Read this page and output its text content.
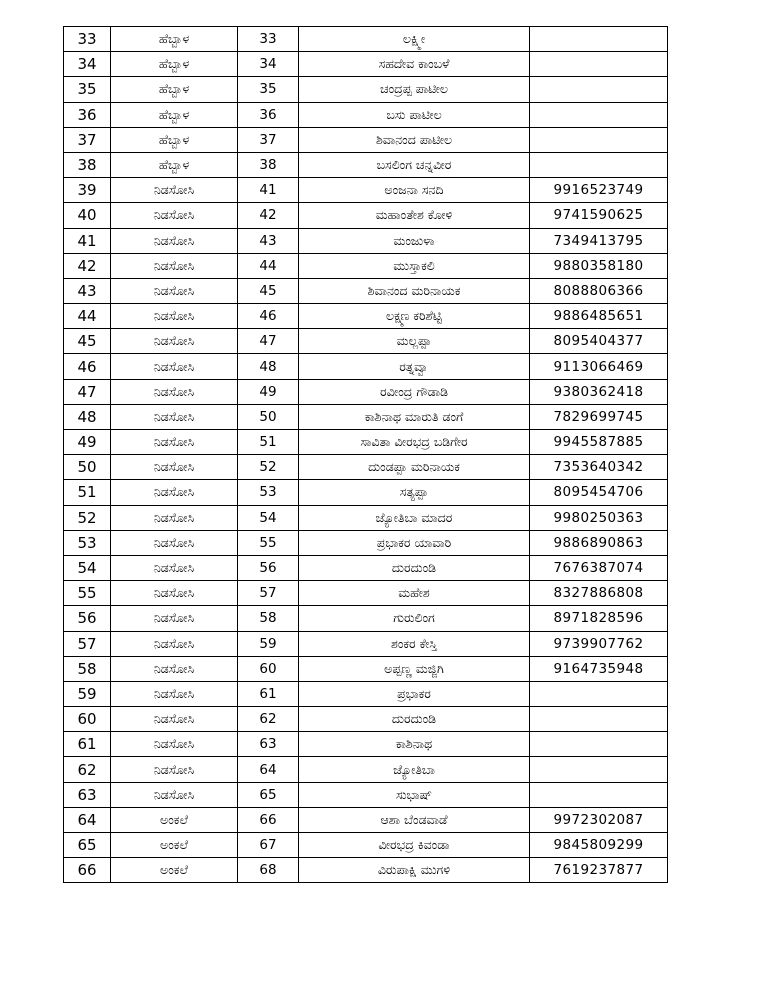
33	ಹೆಬ್ಬಾಳ	33	ಲಕ್ಷ್ಮೀ	
34	ಹೆಬ್ಬಾಳ	34	ಸಹದೇವ ಕಾಂಬಳೆ	
35	ಹೆಬ್ಬಾಳ	35	ಚಂದ್ರಪ್ಪ ಪಾಟೀಲ	
36	ಹೆಬ್ಬಾಳ	36	ಬಸು ಪಾಟೀಲ	
37	ಹೆಬ್ಬಾಳ	37	ಶಿವಾನಂದ ಪಾಟೀಲ	
38	ಹೆಬ್ಬಾಳ	38	ಬಸಲಿಂಗ ಚನ್ನವೀರ	
39	ನಿಡಸೋಸಿ	41	ಅಂಜನಾ ಸನದಿ	9916523749
40	ನಿಡಸೋಸಿ	42	ಮಹಾಂತೇಶ ಕೋಳಿ	9741590625
41	ನಿಡಸೋಸಿ	43	ಮಂಜುಳಾ	7349413795
42	ನಿಡಸೋಸಿ	44	ಮುಸ್ತಾಕಲಿ	9880358180
43	ನಿಡಸೋಸಿ	45	ಶಿವಾನಂದ ಮರಿನಾಯಕ	8088806366
44	ನಿಡಸೋಸಿ	46	ಲಕ್ಷ್ಮಣ ಕರಿಶೆಟ್ಟಿ	9886485651
45	ನಿಡಸೋಸಿ	47	ಮಲ್ಲಪ್ಪಾ	8095404377
46	ನಿಡಸೋಸಿ	48	ರತ್ನವ್ವಾ	9113066469
47	ನಿಡಸೋಸಿ	49	ರವೀಂದ್ರ ಗೌಡಾಡಿ	9380362418
48	ನಿಡಸೋಸಿ	50	ಕಾಶಿನಾಥ ಮಾರುತಿ ಡಂಗೆ	7829699745
49	ನಿಡಸೋಸಿ	51	ಸಾವಿತಾ ವೀರಭದ್ರ ಬಡಿಗೇರ	9945587885
50	ನಿಡಸೋಸಿ	52	ದುಂಡಪ್ಪಾ ಮರಿನಾಯಕ	7353640342
51	ನಿಡಸೋಸಿ	53	ಸತ್ಯಪ್ಪಾ	8095454706
52	ನಿಡಸೋಸಿ	54	ಜ್ಯೋತಿಬಾ ಮಾದರ	9980250363
53	ನಿಡಸೋಸಿ	55	ಪ್ರಭಾಕರ ಯಾವಾರಿ	9886890863
54	ನಿಡಸೋಸಿ	56	ದುರದುಂಡಿ	7676387074
55	ನಿಡಸೋಸಿ	57	ಮಹೇಶ	8327886808
56	ನಿಡಸೋಸಿ	58	ಗುರುಲಿಂಗ	8971828596
57	ನಿಡಸೋಸಿ	59	ಶಂಕರ ಕೇಸ್ತಿ	9739907762
58	ನಿಡಸೋಸಿ	60	ಅಪ್ಪಣ್ಣ ಮಜ್ಜಿಗಿ	9164735948
59	ನಿಡಸೋಸಿ	61	ಪ್ರಭಾಕರ	
60	ನಿಡಸೋಸಿ	62	ದುರದುಂಡಿ	
61	ನಿಡಸೋಸಿ	63	ಕಾಶಿನಾಥ	
62	ನಿಡಸೋಸಿ	64	ಜ್ಯೋತಿಬಾ	
63	ನಿಡಸೋಸಿ	65	ಸುಭಾಷ್	
64	ಅಂಕಲೆ	66	ಆಶಾ ಬೆಂಡವಾಡೆ	9972302087
65	ಅಂಕಲೆ	67	ವೀರಭದ್ರ ಕಿವಂಡಾ	9845809299
66	ಅಂಕಲೆ	68	ವಿರುಪಾಕ್ಷಿ ಮುಗಳಿ	7619237877
